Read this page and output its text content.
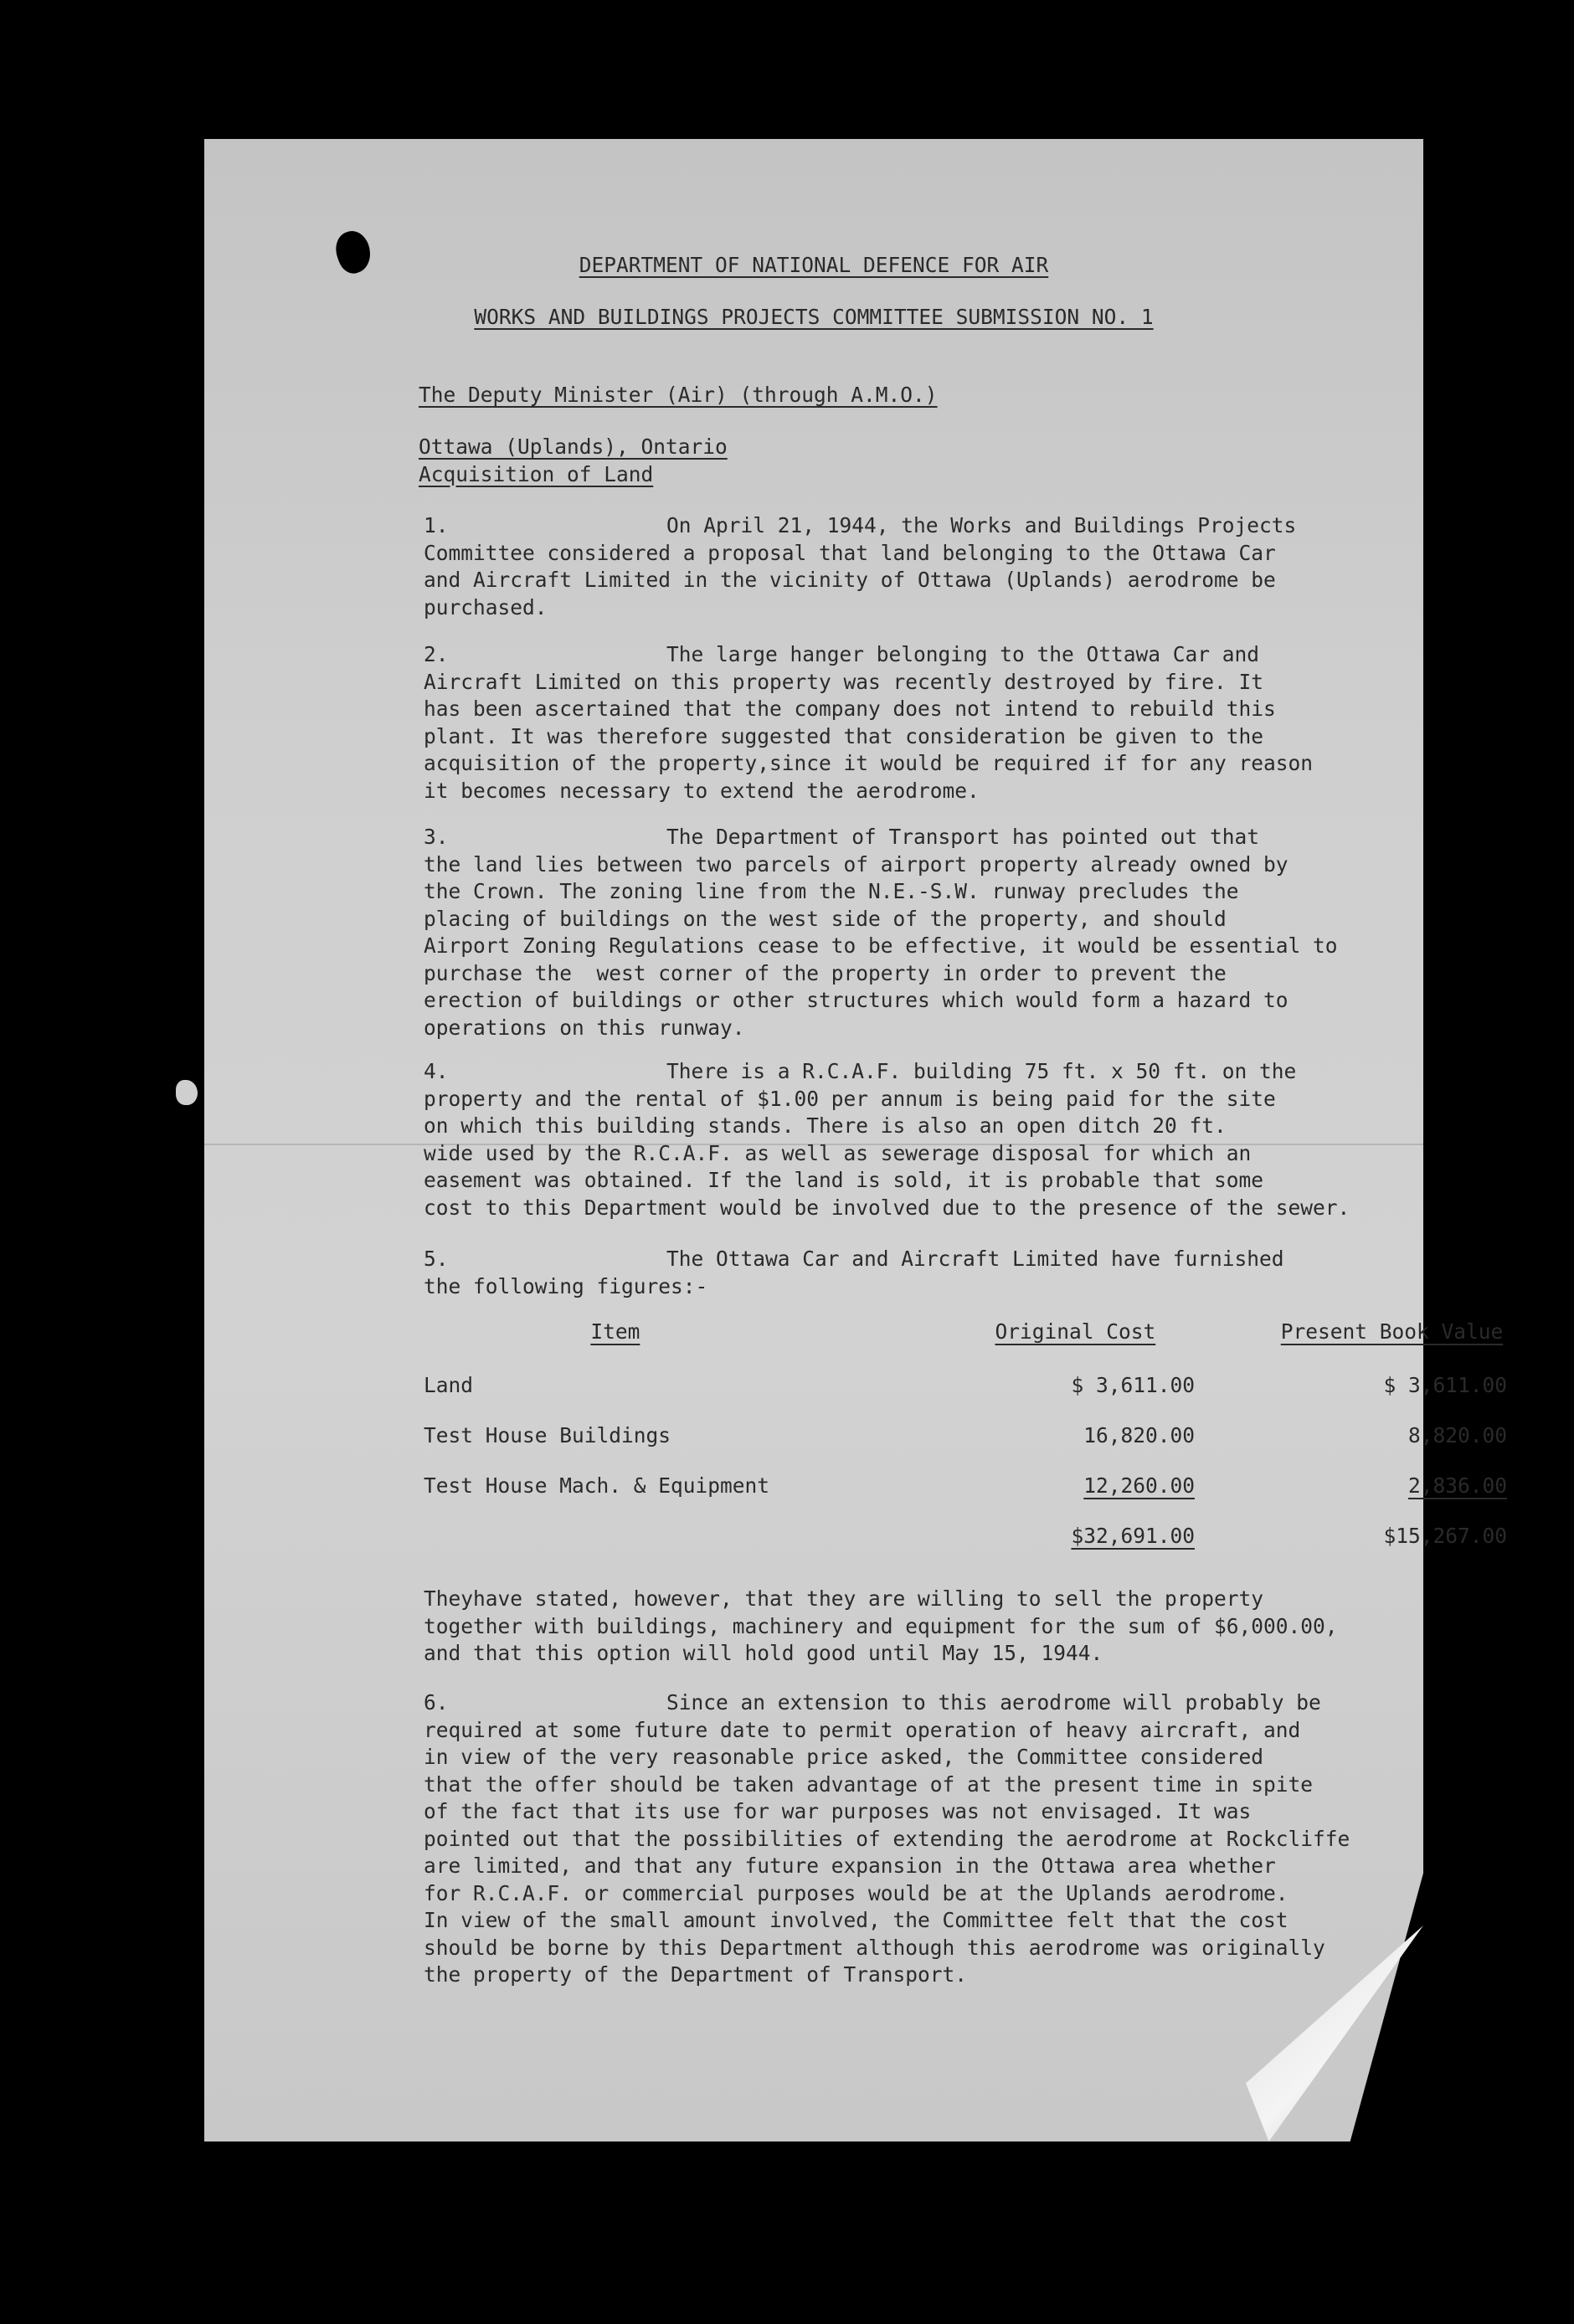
DEPARTMENT OF NATIONAL DEFENCE FOR AIR
WORKS AND BUILDINGS PROJECTS COMMITTEE SUBMISSION NO. 1
The Deputy Minister (Air) (through A.M.O.)
Ottawa (Uplands), Ontario
Acquisition of Land
1.	On April 21, 1944, the Works and Buildings Projects
Committee considered a proposal that land belonging to the Ottawa Car
and Aircraft Limited in the vicinity of Ottawa (Uplands) aerodrome be
purchased.
2.	The large hanger belonging to the Ottawa Car and
Aircraft Limited on this property was recently destroyed by fire. It
has been ascertained that the company does not intend to rebuild this
plant. It was therefore suggested that consideration be given to the
acquisition of the property,since it would be required if for any reason
it becomes necessary to extend the aerodrome.
3.	The Department of Transport has pointed out that
the land lies between two parcels of airport property already owned by
the Crown. The zoning line from the N.E.-S.W. runway precludes the
placing of buildings on the west side of the property, and should
Airport Zoning Regulations cease to be effective, it would be essential to
purchase the  west corner of the property in order to prevent the
erection of buildings or other structures which would form a hazard to
operations on this runway.
4.	There is a R.C.A.F. building 75 ft. x 50 ft. on the
property and the rental of $1.00 per annum is being paid for the site
on which this building stands. There is also an open ditch 20 ft.
wide used by the R.C.A.F. as well as sewerage disposal for which an
easement was obtained. If the land is sold, it is probable that some
cost to this Department would be involved due to the presence of the sewer.
5.	The Ottawa Car and Aircraft Limited have furnished
the following figures:-
Item	Original Cost	Present Book Value
Land	$ 3,611.00	$ 3,611.00
Test House Buildings	16,820.00	8,820.00
Test House Mach. & Equipment	12,260.00	2,836.00
	$32,691.00	$15,267.00
Theyhave stated, however, that they are willing to sell the property
together with buildings, machinery and equipment for the sum of $6,000.00,
and that this option will hold good until May 15, 1944.
6.	Since an extension to this aerodrome will probably be
required at some future date to permit operation of heavy aircraft, and
in view of the very reasonable price asked, the Committee considered
that the offer should be taken advantage of at the present time in spite
of the fact that its use for war purposes was not envisaged. It was
pointed out that the possibilities of extending the aerodrome at Rockcliffe
are limited, and that any future expansion in the Ottawa area whether
for R.C.A.F. or commercial purposes would be at the Uplands aerodrome.
In view of the small amount involved, the Committee felt that the cost
should be borne by this Department although this aerodrome was originally
the property of the Department of Transport.
